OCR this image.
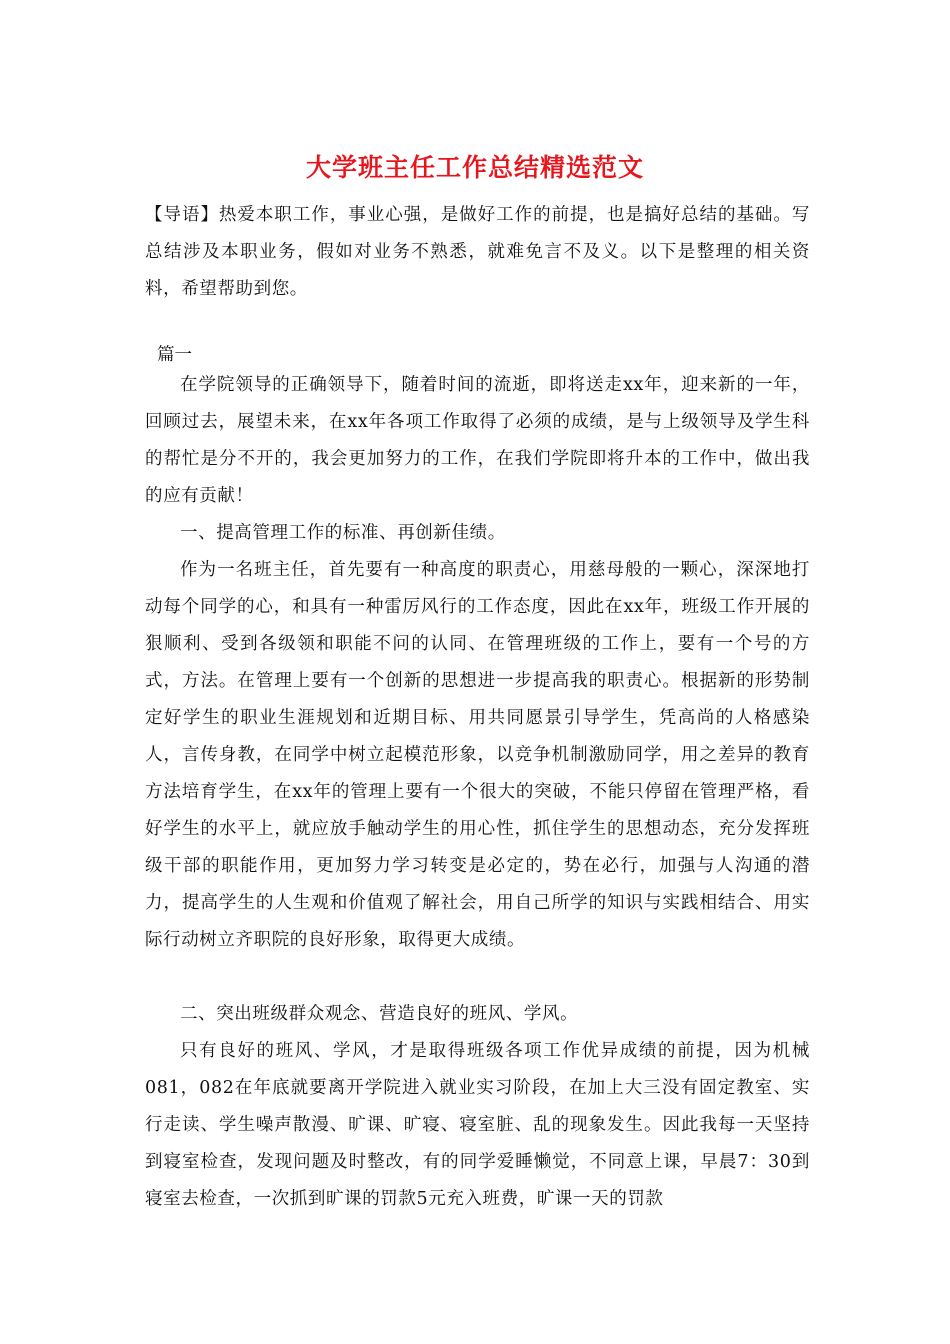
大学班主任工作总结精选范文
【导语】热爱本职工作，事业心强，是做好工作的前提，也是搞好总结的基础。写总结涉及本职业务，假如对业务不熟悉，就难免言不及义。以下是整理的相关资料，希望帮助到您。
篇一
在学院领导的正确领导下，随着时间的流逝，即将送走xx年，迎来新的一年，回顾过去，展望未来，在xx年各项工作取得了必须的成绩，是与上级领导及学生科的帮忙是分不开的，我会更加努力的工作，在我们学院即将升本的工作中，做出我的应有贡献！
一、提高管理工作的标准、再创新佳绩。
作为一名班主任，首先要有一种高度的职责心，用慈母般的一颗心，深深地打动每个同学的心，和具有一种雷厉风行的工作态度，因此在xx年，班级工作开展的狠顺利、受到各级领和职能不问的认同、在管理班级的工作上，要有一个号的方式，方法。在管理上要有一个创新的思想进一步提高我的职责心。根据新的形势制定好学生的职业生涯规划和近期目标、用共同愿景引导学生，凭高尚的人格感染人，言传身教，在同学中树立起模范形象，以竞争机制激励同学，用之差异的教育方法培育学生，在xx年的管理上要有一个很大的突破，不能只停留在管理严格，看好学生的水平上，就应放手触动学生的用心性，抓住学生的思想动态，充分发挥班级干部的职能作用，更加努力学习转变是必定的，势在必行，加强与人沟通的潜力，提高学生的人生观和价值观了解社会，用自己所学的知识与实践相结合、用实际行动树立齐职院的良好形象，取得更大成绩。
二、突出班级群众观念、营造良好的班风、学风。
只有良好的班风、学风，才是取得班级各项工作优异成绩的前提，因为机械081，082在年底就要离开学院进入就业实习阶段，在加上大三没有固定教室、实行走读、学生噪声散漫、旷课、旷寝、寝室脏、乱的现象发生。因此我每一天坚持到寝室检查，发现问题及时整改，有的同学爱睡懒觉，不同意上课，早晨7：30到寝室去检查，一次抓到旷课的罚款5元充入班费，旷课一天的罚款
